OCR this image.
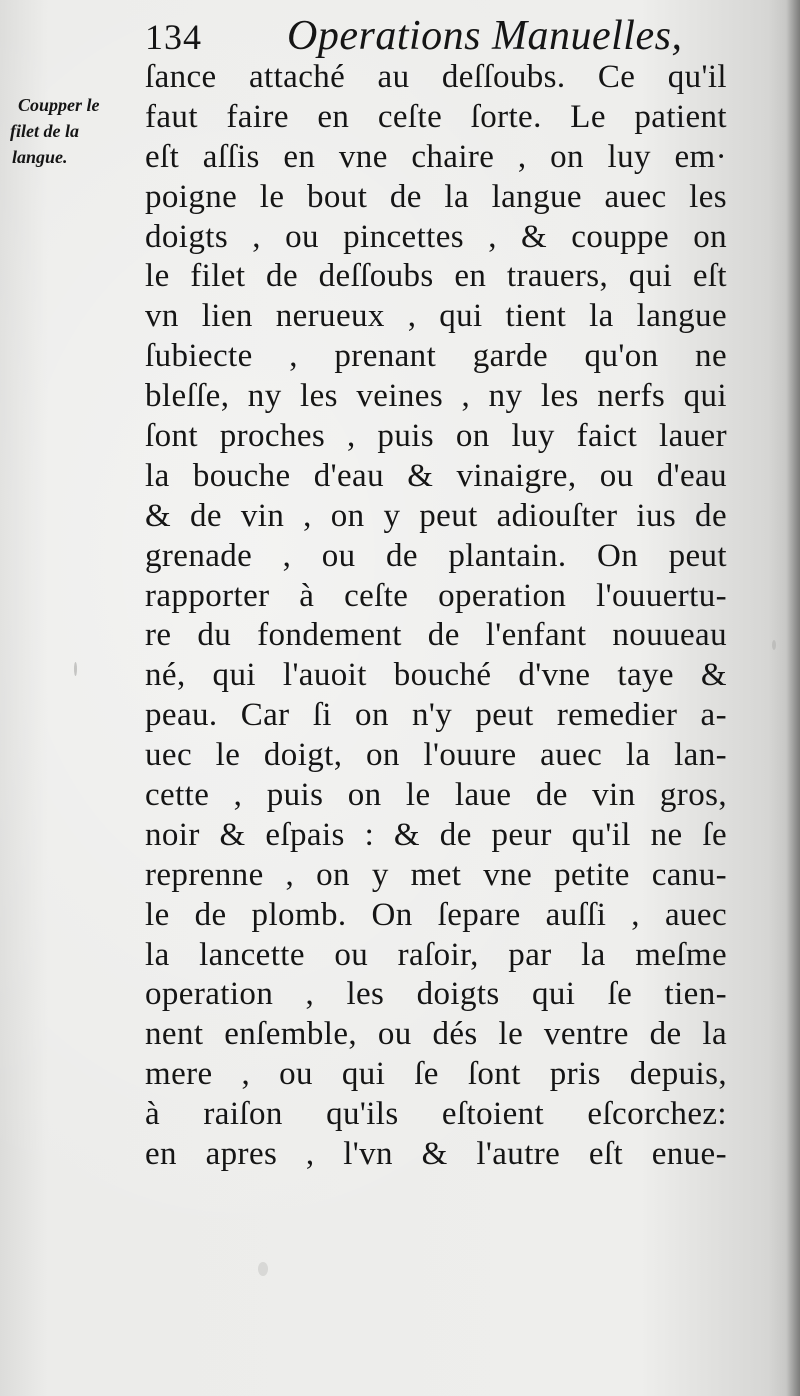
134 Operations Manuelles,
Coupper le
filet de la
langue.
ſance attaché au deſſoubs. Ce qu'il
faut faire en ceſte ſorte. Le patient
eſt aſſis en vne chaire , on luy em·
poigne le bout de la langue auec les
doigts , ou pincettes , & couppe on
le filet de deſſoubs en trauers, qui eſt
vn lien nerueux , qui tient la langue
ſubiecte , prenant garde qu'on ne
bleſſe, ny les veines , ny les nerfs qui
ſont proches , puis on luy faict lauer
la bouche d'eau & vinaigre, ou d'eau
& de vin , on y peut adiouſter ius de
grenade , ou de plantain. On peut
rapporter à ceſte operation l'ouuertu-
re du fondement de l'enfant nouueau
né, qui l'auoit bouché d'vne taye &
peau. Car ſi on n'y peut remedier a-
uec le doigt, on l'ouure auec la lan-
cette , puis on le laue de vin gros,
noir & eſpais : & de peur qu'il ne ſe
reprenne , on y met vne petite canu-
le de plomb. On ſepare auſſi , auec
la lancette ou raſoir, par la meſme
operation , les doigts qui ſe tien-
nent enſemble, ou dés le ventre de la
mere , ou qui ſe ſont pris depuis,
à raiſon qu'ils eſtoient eſcorchez:
en apres , l'vn & l'autre eſt enue-
